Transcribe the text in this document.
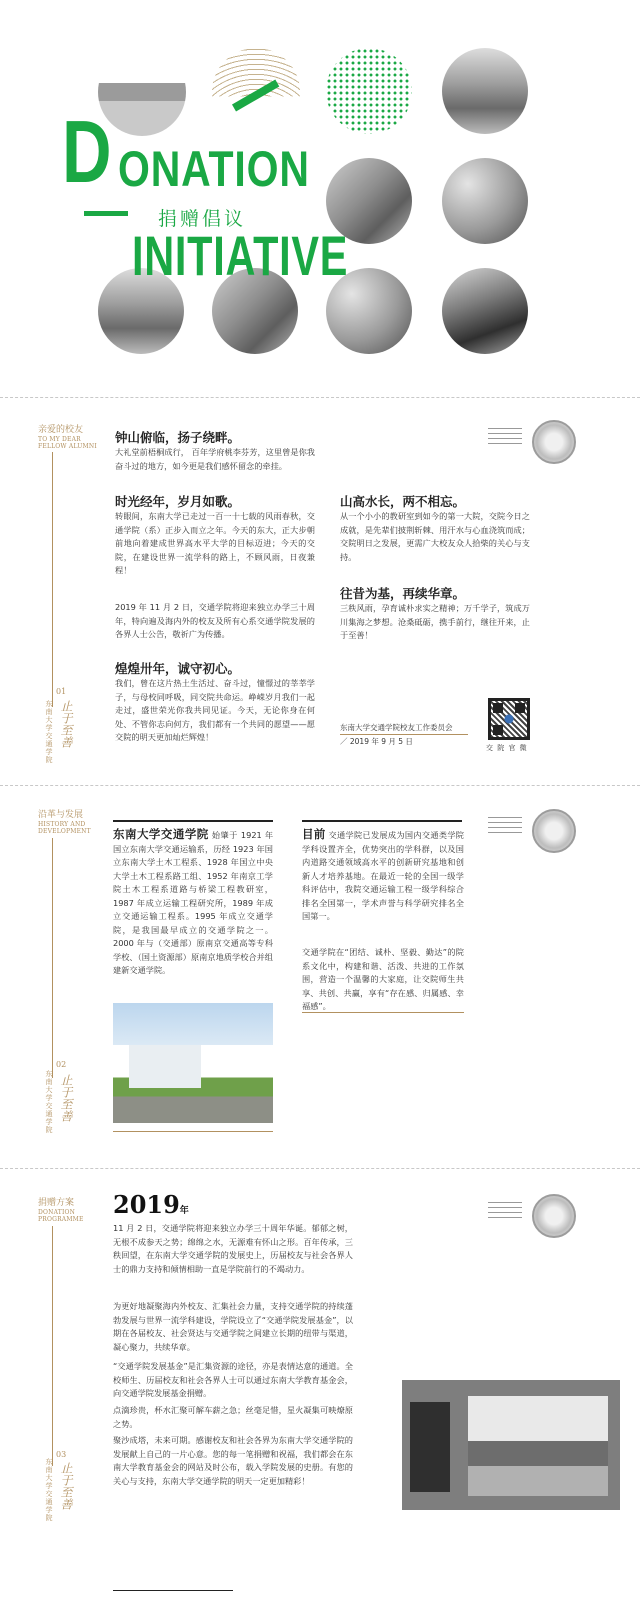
D ONATION
捐赠倡议
INITIATIVE
亲爱的校友
TO MY DEAR
FELLOW ALUMNI
东南大学交通学院
01
止于至善
钟山俯临，扬子绕畔。
大礼堂前梧桐成行， 百年学府桃李芬芳，这里曾是你我奋斗过的地方，如今更是我们感怀留念的牵挂。
时光经年，岁月如歌。
转眼间，东南大学已走过一百一十七载的风雨春秋，交通学院（系）正步入而立之年。今天的东大，正大步朝前地向着建成世界高水平大学的目标迈进；今天的交院，在建设世界一流学科的路上，不顾风雨，日夜兼程！
2019 年 11 月 2 日，交通学院将迎来独立办学三十周年，特向遍及海内外的校友及所有心系交通学院发展的各界人士公告，敬祈广为传播。
煌煌卅年，诚守初心。
我们，曾在这片热土生活过、奋斗过，憧憬过的莘莘学子，与母校同呼吸，同交院共命运。峥嵘岁月我们一起走过，盛世荣光你我共同见证。今天，无论你身在何处、不管你志向何方，我们都有一个共同的愿望——愿交院的明天更加灿烂辉煌！
山高水长，两不相忘。
从一个小小的教研室到如今的第一大院，交院今日之成就，是先辈们披荆斩棘、用汗水与心血浇筑而成；交院明日之发展，更需广大校友众人拾柴的关心与支持。
往昔为基，再续华章。
三秩风雨，孕育诚朴求实之精神；万千学子，筑成万川集海之梦想。沧桑砥砺，携手前行，继往开来，止于至善！
东南大学交通学院校友工作委员会
／ 2019 年 9 月 5 日
交 院 官 微
沿革与发展
HISTORY AND
DEVELOPMENT
东南大学交通学院
02
止于至善
东南大学交通学院 始肇于 1921 年国立东南大学交通运输系，历经 1923 年国立东南大学土木工程系、1928 年国立中央大学土木工程系路工组、1952 年南京工学院土木工程系道路与桥梁工程教研室，1987 年成立运输工程研究所，1989 年成立交通运输工程系。1995 年成立交通学院，是我国最早成立的交通学院之一。2000 年与（交通部）原南京交通高等专科学校、（国土资源部）原南京地质学校合并组建新交通学院。
目前 交通学院已发展成为国内交通类学院学科设置齐全，优势突出的学科群，以及国内道路交通领域高水平的创新研究基地和创新人才培养基地。在最近一轮的全国一级学科评估中，我院交通运输工程一级学科综合排名全国第一，学术声誉与科学研究排名全国第一。
交通学院在“团结、诚朴、坚毅、勤达”的院系文化中，构建和谐、活泼、共进的工作氛围，营造一个温馨的大家庭，让交院师生共享、共创、共赢，享有“存在感、归属感、幸福感”。
捐赠方案
DONATION
PROGRAMME
东南大学交通学院
03
止于至善
2019年
11 月 2 日，交通学院将迎来独立办学三十周年华诞。郁郁之树，无根不成参天之势；绵绵之水，无源难有怀山之形。百年传承，三秩回望，在东南大学交通学院的发展史上，历届校友与社会各界人士的鼎力支持和倾情相助一直是学院前行的不竭动力。
为更好地凝聚海内外校友、汇集社会力量，支持交通学院的持续蓬勃发展与世界一流学科建设，学院设立了“交通学院发展基金”，以期在各届校友、社会贤达与交通学院之间建立长期的纽带与渠道，凝心聚力，共续华章。
“交通学院发展基金”是汇集资源的途径，亦是表情达意的通道。全校师生、历届校友和社会各界人士可以通过东南大学教育基金会，向交通学院发展基金捐赠。
点滴珍贵，杯水汇聚可解车薪之急；丝毫足惜，星火凝集可映燎原之势。
聚沙成塔，未来可期。感谢校友和社会各界为东南大学交通学院的发展献上自己的一片心意。您的每一笔捐赠和祝福，我们都会在东南大学教育基金会的网站及时公布，载入学院发展的史册。有您的关心与支持，东南大学交通学院的明天一定更加精彩！
